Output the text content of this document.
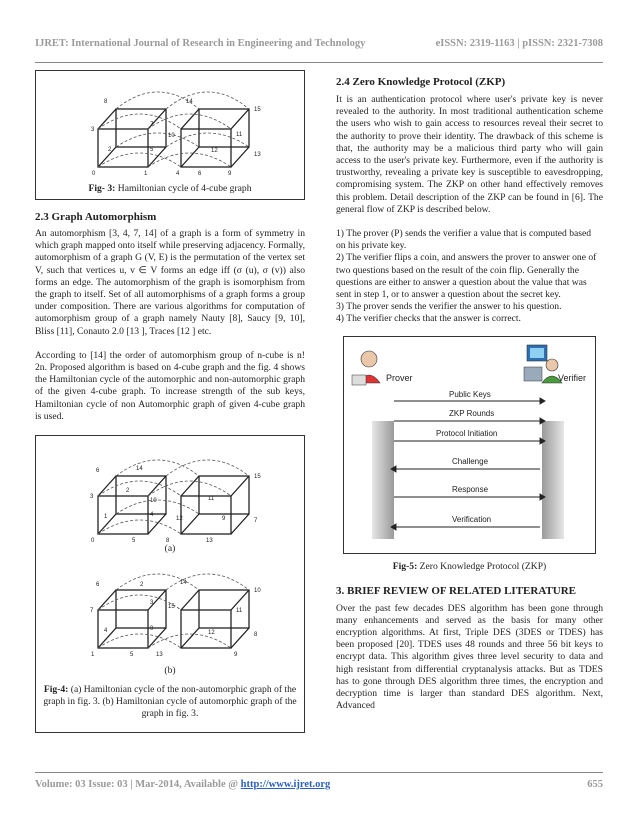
IJRET: International Journal of Research in Engineering and Technology	eISSN: 2319-1163 | pISSN: 2321-7308
8	14
15
3
7
10	11
2	5	12
13
0	1	4	6	9
Fig- 3: Hamiltonian cycle of 4-cube graph
2.3 Graph Automorphism

An automorphism [3, 4, 7, 14] of a graph is a form of symmetry in which graph mapped onto itself while preserving adjacency. Formally, automorphism of a graph G (V, E) is the permutation of the vertex set V, such that vertices u, v ∈ V forms an edge iff (σ (u), σ (v)) also forms an edge. The automorphism of the graph is isomorphism from the graph to itself. Set of all automorphisms of a graph forms a group under composition. There are various algorithms for computation of automorphism group of a graph namely Nauty [8], Saucy [9, 10], Bliss [11], Conauto 2.0 [13 ], Traces [12 ] etc.

According to [14] the order of automorphism group of n-cube is n! 2n. Proposed algorithm is based on 4-cube graph and the fig. 4 shows the Hamiltonian cycle of the automorphic and non-automorphic graph of the given 4-cube graph. To increase strength of the sub keys, Hamiltonian cycle of non Automorphic graph of given 4-cube graph is used.

6	14
15
3
2
10	11
1	4
12	9
0	5	8	13
7
(a)
6	2	14
10
7
3
15
11
4	0
12	8
1	13	9
5
(b)
Fig-4: (a) Hamiltonian cycle of the non-automorphic graph of the graph in fig. 3. (b) Hamiltonian cycle of automorphic graph of the graph in fig. 3.
2.4 Zero Knowledge Protocol (ZKP)

It is an authentication protocol where user's private key is never revealed to the authority. In most traditional authentication scheme the users who wish to gain access to resources reveal their secret to the authority to prove their identity. The drawback of this scheme is that, the authority may be a malicious third party who will gain access to the user's private key. Furthermore, even if the authority is trustworthy, revealing a private key is susceptible to eavesdropping, compromising system. The ZKP on other hand effectively removes this problem. Detail description of the ZKP can be found in [6]. The general flow of ZKP is described below.

1) The prover (P) sends the verifier a value that is computed based on his private key.

2) The verifier flips a coin, and answers the prover to answer one of two questions based on the result of the coin flip. Generally the questions are either to answer a question about the value that was sent in step 1, or to answer a question about the secret key.

3) The prover sends the verifier the answer to his question.

4) The verifier checks that the answer is correct.

Prover	Verifier
Public Keys
ZKP Rounds
Protocol Initiation
Challenge
Response
Verification
Fig-5: Zero Knowledge Protocol (ZKP)
3. BRIEF REVIEW OF RELATED LITERATURE

Over the past few decades DES algorithm has been gone through many enhancements and served as the basis for many other encryption algorithms. At first, Triple DES (3DES or TDES) has been proposed [20]. TDES uses 48 rounds and three 56 bit keys to encrypt data. This algorithm gives three level security to data and high resistant from differential cryptanalysis attacks. But as TDES has to gone through DES algorithm three times, the encryption and decryption time is larger than standard DES algorithm. Next, Advanced

Volume: 03 Issue: 03 | Mar-2014, Available @ http://www.ijret.org	655
